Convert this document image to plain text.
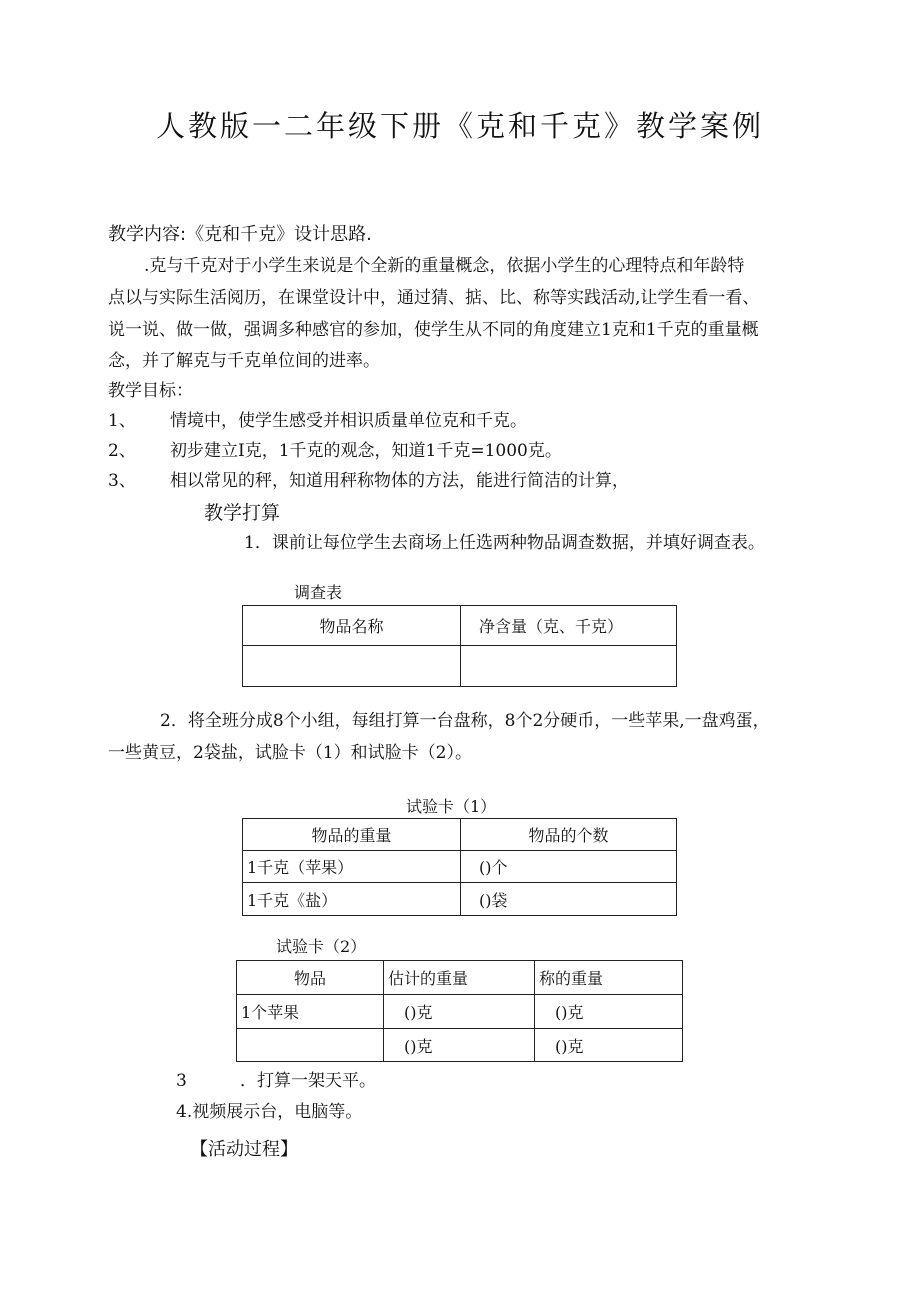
人教版一二年级下册《克和千克》教学案例
教学内容:《克和千克》设计思路.
.克与千克对于小学生来说是个全新的重量概念，依据小学生的心理特点和年龄特
点以与实际生活阅历，在课堂设计中，通过猜、掂、比、称等实践活动,让学生看一看、
说一说、做一做，强调多种感官的参加，使学生从不同的角度建立1克和1千克的重量概
念，并了解克与千克单位间的进率。
教学目标：
1、 情境中，使学生感受并相识质量单位克和千克。
2、 初步建立I克，1千克的观念，知道1千克=1000克。
3、 相以常见的秤，知道用秤称物体的方法，能进行简洁的计算，
教学打算
1．课前让每位学生去商场上任选两种物品调查数据，并填好调查表。
调查表
物品名称	净含量（克、千克）

2．将全班分成8个小组，每组打算一台盘称，8个2分硬币，一些苹果,一盘鸡蛋，
一些黄豆，2袋盐，试脸卡（1）和试脸卡（2）。
试验卡（1）
物品的重量	物品的个数
1千克（苹果）	()个
1千克《盐）	()袋
试验卡（2）
物品	估计的重量	称的重量
1个苹果	()克	()克
	()克	()克
3	．打算一架天平。
4.视频展示台，电脑等。
【活动过程】
